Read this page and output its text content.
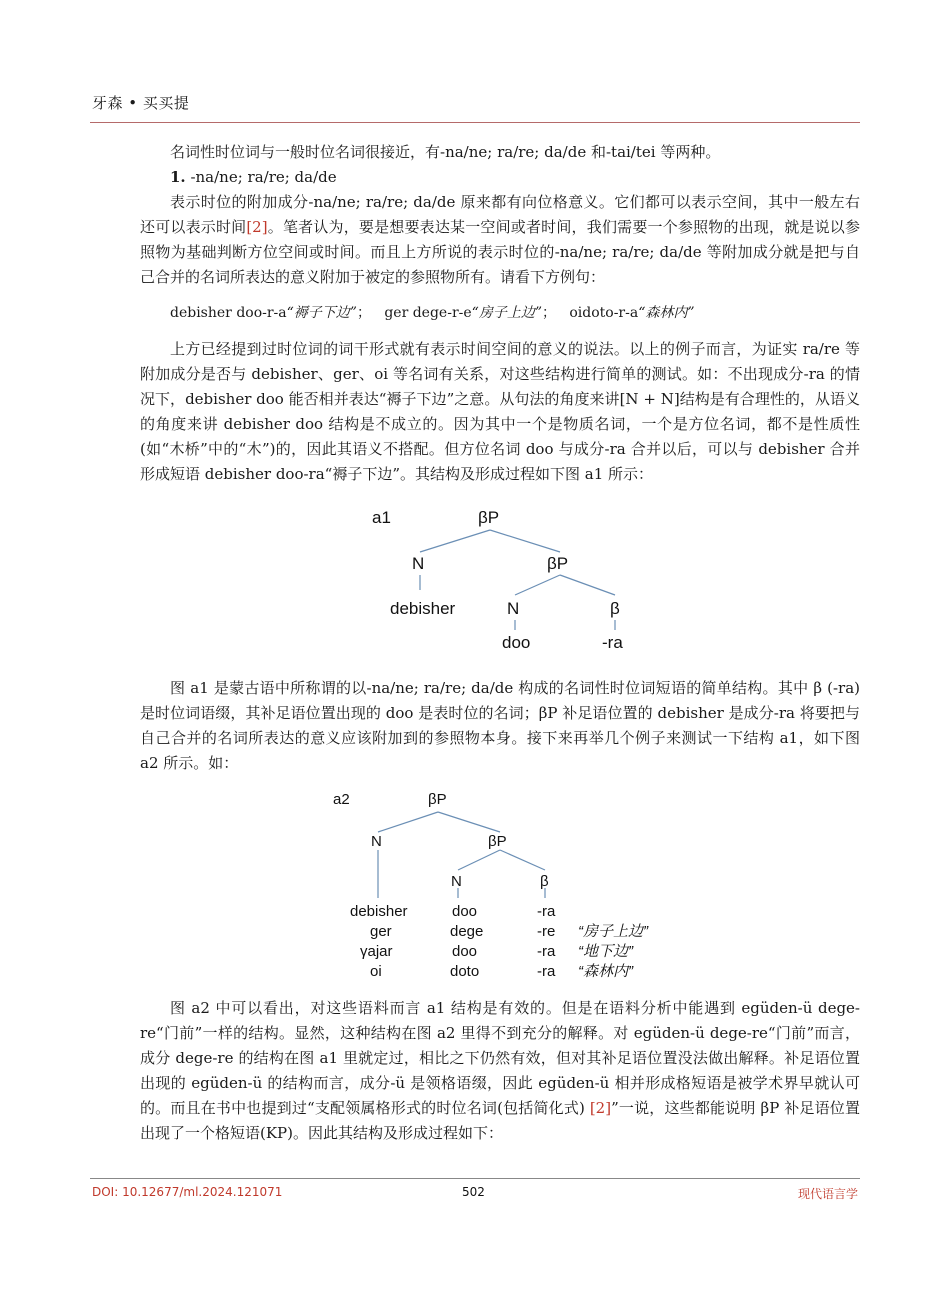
牙森 • 买买提

名词性时位词与一般时位名词很接近，有-na/ne; ra/re; da/de 和-tai/tei 等两种。

1. -na/ne; ra/re; da/de

表示时位的附加成分-na/ne; ra/re; da/de 原来都有向位格意义。它们都可以表示空间，其中一般左右还可以表示时间[2]。笔者认为，要是想要表达某一空间或者时间，我们需要一个参照物的出现，就是说以参照物为基础判断方位空间或时间。而且上方所说的表示时位的-na/ne; ra/re; da/de 等附加成分就是把与自己合并的名词所表达的意义附加于被定的参照物所有。请看下方例句：

debisher doo-r-a“褥子下边”； ger dege-r-e“房子上边”； oidoto-r-a“森林内”

上方已经提到过时位词的词干形式就有表示时间空间的意义的说法。以上的例子而言，为证实 ra/re 等附加成分是否与 debisher、ger、oi 等名词有关系，对这些结构进行简单的测试。如：不出现成分-ra 的情况下，debisher doo 能否相并表达“褥子下边”之意。从句法的角度来讲[N + N]结构是有合理性的，从语义的角度来讲 debisher doo 结构是不成立的。因为其中一个是物质名词，一个是方位名词，都不是性质性(如“木桥”中的“木”)的，因此其语义不搭配。但方位名词 doo 与成分-ra 合并以后，可以与 debisher 合并形成短语 debisher doo-ra“褥子下边”。其结构及形成过程如下图 a1 所示：

a1	βP
N	βP
debisher	N	β
doo	-ra

图 a1 是蒙古语中所称谓的以-na/ne; ra/re; da/de 构成的名词性时位词短语的简单结构。其中 β (-ra)是时位词语缀，其补足语位置出现的 doo 是表时位的名词；βP 补足语位置的 debisher 是成分-ra 将要把与自己合并的名词所表达的意义应该附加到的参照物本身。接下来再举几个例子来测试一下结构 a1，如下图 a2 所示。如：

a2	βP
N	βP
N	β
debisher	doo	-ra
ger	dege	-re “房子上边”
γajar	doo	-ra “地下边”
oi	doto	-ra “森林内”

图 a2 中可以看出，对这些语料而言 a1 结构是有效的。但是在语料分析中能遇到 egüden-ü dege-re“门前”一样的结构。显然，这种结构在图 a2 里得不到充分的解释。对 egüden-ü dege-re“门前”而言，成分 dege-re 的结构在图 a1 里就定过，相比之下仍然有效，但对其补足语位置没法做出解释。补足语位置出现的 egüden-ü 的结构而言，成分-ü 是领格语缀，因此 egüden-ü 相并形成格短语是被学术界早就认可的。而且在书中也提到过“支配领属格形式的时位名词(包括简化式) [2]”一说，这些都能说明 βP 补足语位置出现了一个格短语(KP)。因此其结构及形成过程如下：

DOI: 10.12677/ml.2024.121071	502	现代语言学
